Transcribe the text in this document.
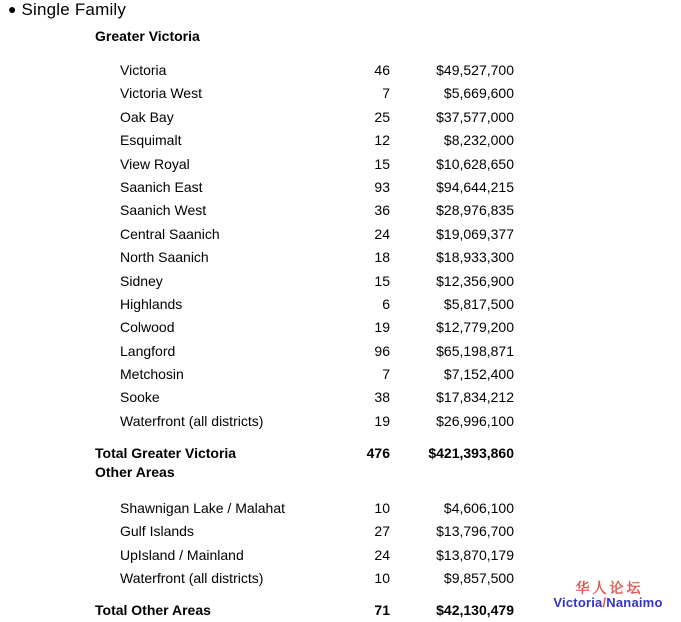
● Single Family
Greater Victoria
Victoria	46	$49,527,700
Victoria West	7	$5,669,600
Oak Bay	25	$37,577,000
Esquimalt	12	$8,232,000
View Royal	15	$10,628,650
Saanich East	93	$94,644,215
Saanich West	36	$28,976,835
Central Saanich	24	$19,069,377
North Saanich	18	$18,933,300
Sidney	15	$12,356,900
Highlands	6	$5,817,500
Colwood	19	$12,779,200
Langford	96	$65,198,871
Metchosin	7	$7,152,400
Sooke	38	$17,834,212
Waterfront (all districts)	19	$26,996,100
Total Greater Victoria	476	$421,393,860
Other Areas
Shawnigan Lake / Malahat	10	$4,606,100
Gulf Islands	27	$13,796,700
UpIsland / Mainland	24	$13,870,179
Waterfront (all districts)	10	$9,857,500
Total Other Areas	71	$42,130,479
华人论坛
Victoria/Nanaimo
